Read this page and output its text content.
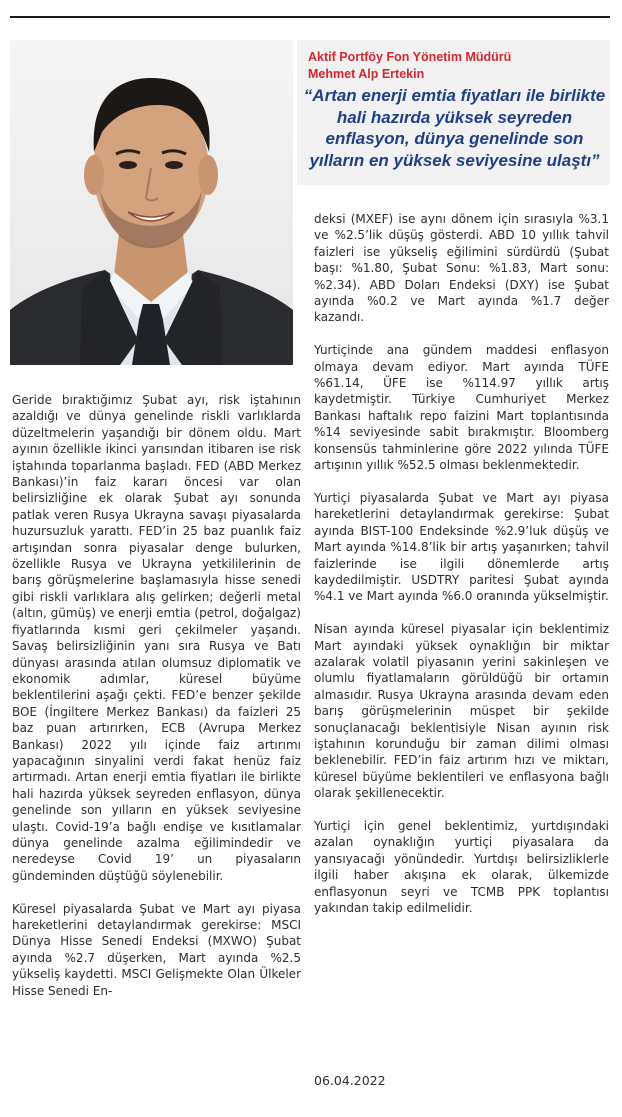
Aktif Portföy Fon Yönetim Müdürü
Mehmet Alp Ertekin

“Artan enerji emtia fiyatları ile birlikte hali hazırda yüksek seyreden enflasyon, dünya genelinde son yılların en yüksek seviyesine ulaştı”

Geride bıraktığımız Şubat ayı, risk iştahının azaldığı ve dünya genelinde riskli varlıklarda düzeltmelerin yaşandığı bir dönem oldu. Mart ayının özellikle ikinci yarısından itibaren ise risk iştahında toparlanma başladı. FED (ABD Merkez Bankası)’in faiz kararı öncesi var olan belirsizliğine ek olarak Şubat ayı sonunda patlak veren Rusya Ukrayna savaşı piyasalarda huzursuzluk yarattı. FED’in 25 baz puanlık faiz artışından sonra piyasalar denge bulurken, özellikle Rusya ve Ukrayna yetkililerinin de barış görüşmelerine başlamasıyla hisse senedi gibi riskli varlıklara alış gelirken; değerli metal (altın, gümüş) ve enerji emtia (petrol, doğalgaz) fiyatlarında kısmi geri çekilmeler yaşandı. Savaş belirsizliğinin yanı sıra Rusya ve Batı dünyası arasında atılan olumsuz diplomatik ve ekonomik adımlar, küresel büyüme beklentilerini aşağı çekti. FED’e benzer şekilde BOE (İngiltere Merkez Bankası) da faizleri 25 baz puan artırırken, ECB (Avrupa Merkez Bankası) 2022 yılı içinde faiz artırımı yapacağının sinyalini verdi fakat henüz faiz artırmadı. Artan enerji emtia fiyatları ile birlikte hali hazırda yüksek seyreden enflasyon, dünya genelinde son yılların en yüksek seviyesine ulaştı. Covid-19’a bağlı endişe ve kısıtlamalar dünya genelinde azalma eğilimindedir ve neredeyse Covid 19’ un piyasaların gündeminden düştüğü söylenebilir.

Küresel piyasalarda Şubat ve Mart ayı piyasa hareketlerini detaylandırmak gerekirse: MSCI Dünya Hisse Senedi Endeksi (MXWO) Şubat ayında %2.7 düşerken, Mart ayında %2.5 yükseliş kaydetti. MSCI Gelişmekte Olan Ülkeler Hisse Senedi En-

deksi (MXEF) ise aynı dönem için sırasıyla %3.1 ve %2.5’lik düşüş gösterdi. ABD 10 yıllık tahvil faizleri ise yükseliş eğilimini sürdürdü (Şubat başı: %1.80, Şubat Sonu: %1.83, Mart sonu: %2.34). ABD Doları Endeksi (DXY) ise Şubat ayında %0.2 ve Mart ayında %1.7 değer kazandı.

Yurtiçinde ana gündem maddesi enflasyon olmaya devam ediyor. Mart ayında TÜFE %61.14, ÜFE ise %114.97 yıllık artış kaydetmiştir. Türkiye Cumhuriyet Merkez Bankası haftalık repo faizini Mart toplantısında %14 seviyesinde sabit bırakmıştır. Bloomberg konsensüs tahminlerine göre 2022 yılında TÜFE artışının yıllık %52.5 olması beklenmektedir.

Yurtiçi piyasalarda Şubat ve Mart ayı piyasa hareketlerini detaylandırmak gerekirse: Şubat ayında BIST-100 Endeksinde %2.9’luk düşüş ve Mart ayında %14.8’lik bir artış yaşanırken; tahvil faizlerinde ise ilgili dönemlerde artış kaydedilmiştir. USDTRY paritesi Şubat ayında %4.1 ve Mart ayında %6.0 oranında yükselmiştir.

Nisan ayında küresel piyasalar için beklentimiz Mart ayındaki yüksek oynaklığın bir miktar azalarak volatil piyasanın yerini sakinleşen ve olumlu fiyatlamaların görüldüğü bir ortamın almasıdır. Rusya Ukrayna arasında devam eden barış görüşmelerinin müspet bir şekilde sonuçlanacağı beklentisiyle Nisan ayının risk iştahının korunduğu bir zaman dilimi olması beklenebilir. FED’in faiz artırım hızı ve miktarı, küresel büyüme beklentileri ve enflasyona bağlı olarak şekillenecektir.

Yurtiçi için genel beklentimiz, yurtdışındaki azalan oynaklığın yurtiçi piyasalara da yansıyacağı yönündedir. Yurtdışı belirsizliklerle ilgili haber akışına ek olarak, ülkemizde enflasyonun seyri ve TCMB PPK toplantısı yakından takip edilmelidir.

06.04.2022
